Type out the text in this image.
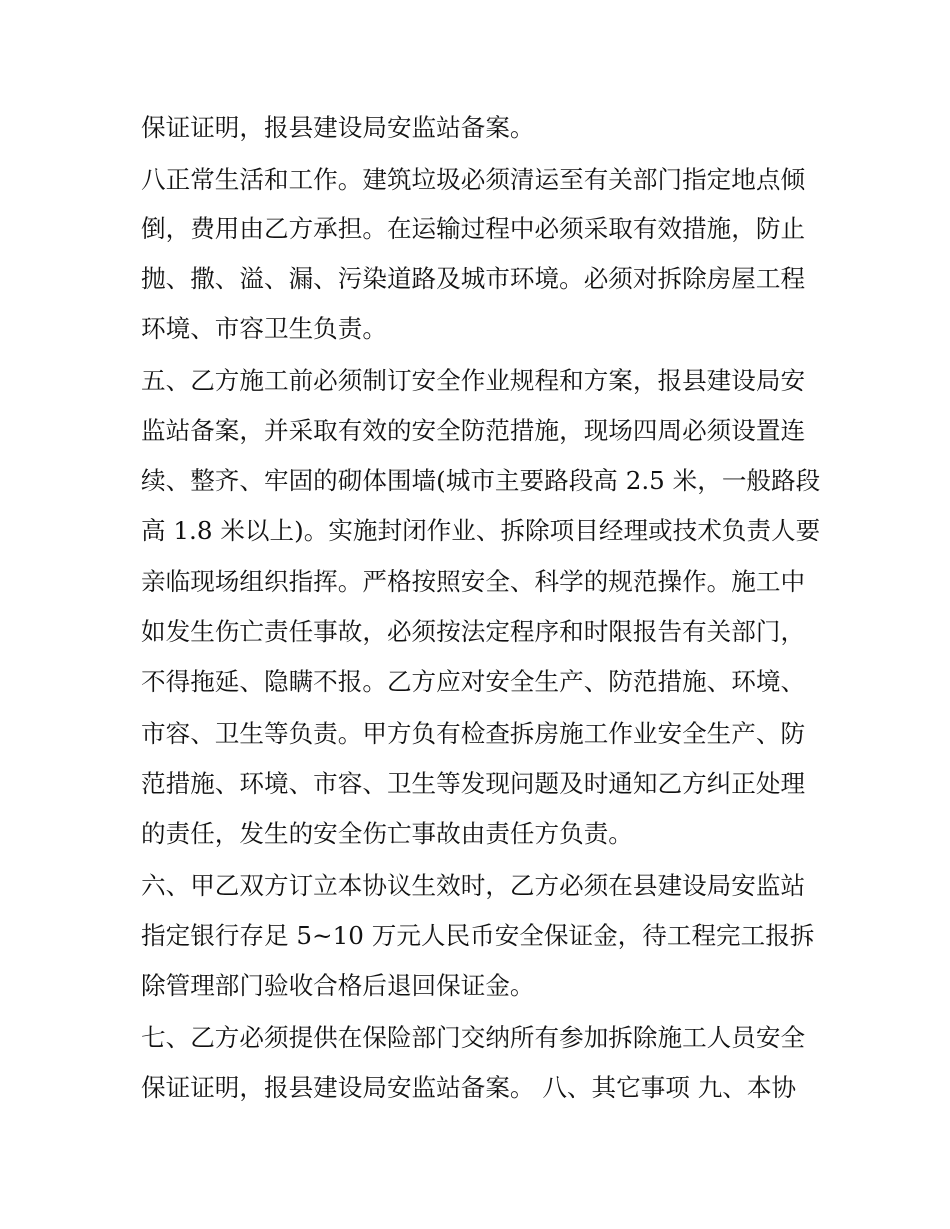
保证证明，报县建设局安监站备案。
八正常生活和工作。建筑垃圾必须清运至有关部门指定地点倾
倒，费用由乙方承担。在运输过程中必须采取有效措施，防止
抛、撒、溢、漏、污染道路及城市环境。必须对拆除房屋工程
环境、市容卫生负责。
五、乙方施工前必须制订安全作业规程和方案，报县建设局安
监站备案，并采取有效的安全防范措施，现场四周必须设置连
续、整齐、牢固的砌体围墙(城市主要路段高 2.5 米，一般路段
高 1.8 米以上)。实施封闭作业、拆除项目经理或技术负责人要
亲临现场组织指挥。严格按照安全、科学的规范操作。施工中
如发生伤亡责任事故，必须按法定程序和时限报告有关部门，
不得拖延、隐瞒不报。乙方应对安全生产、防范措施、环境、
市容、卫生等负责。甲方负有检查拆房施工作业安全生产、防
范措施、环境、市容、卫生等发现问题及时通知乙方纠正处理
的责任，发生的安全伤亡事故由责任方负责。
六、甲乙双方订立本协议生效时，乙方必须在县建设局安监站
指定银行存足 5~10 万元人民币安全保证金，待工程完工报拆
除管理部门验收合格后退回保证金。
七、乙方必须提供在保险部门交纳所有参加拆除施工人员安全
保证证明，报县建设局安监站备案。 八、其它事项 九、本协
